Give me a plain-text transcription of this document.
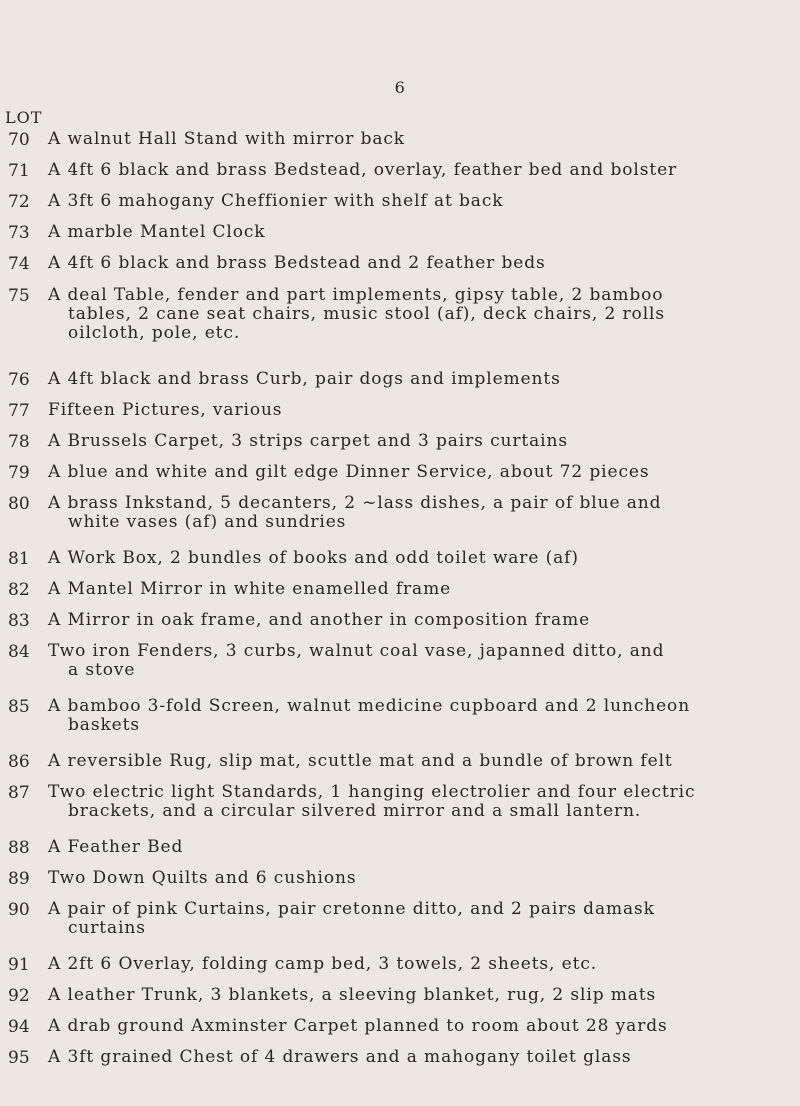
6
LOT
70	A walnut Hall Stand with mirror back
71	A 4ft 6 black and brass Bedstead, overlay, feather bed and bolster
72	A 3ft 6 mahogany Cheffionier with shelf at back
73	A marble Mantel Clock
74	A 4ft 6 black and brass Bedstead and 2 feather beds
75	A deal Table, fender and part implements, gipsy table, 2 bamboo
tables, 2 cane seat chairs, music stool (af), deck chairs, 2 rolls
oilcloth, pole, etc.
76	A 4ft black and brass Curb, pair dogs and implements
77	Fifteen Pictures, various
78	A Brussels Carpet, 3 strips carpet and 3 pairs curtains
79	A blue and white and gilt edge Dinner Service, about 72 pieces
80	A brass Inkstand, 5 decanters, 2 ~lass dishes, a pair of blue and
white vases (af) and sundries
81	A Work Box, 2 bundles of books and odd toilet ware (af)
82	A Mantel Mirror in white enamelled frame
83	A Mirror in oak frame, and another in composition frame
84	Two iron Fenders, 3 curbs, walnut coal vase, japanned ditto, and
a stove
85	A bamboo 3-fold Screen, walnut medicine cupboard and 2 luncheon
baskets
86	A reversible Rug, slip mat, scuttle mat and a bundle of brown felt
87	Two electric light Standards, 1 hanging electrolier and four electric
brackets, and a circular silvered mirror and a small lantern.
88	A Feather Bed
89	Two Down Quilts and 6 cushions
90	A pair of pink Curtains, pair cretonne ditto, and 2 pairs damask
curtains
91	A 2ft 6 Overlay, folding camp bed, 3 towels, 2 sheets, etc.
92	A leather Trunk, 3 blankets, a sleeving blanket, rug, 2 slip mats
94	A drab ground Axminster Carpet planned to room about 28 yards
95	A 3ft grained Chest of 4 drawers and a mahogany toilet glass
